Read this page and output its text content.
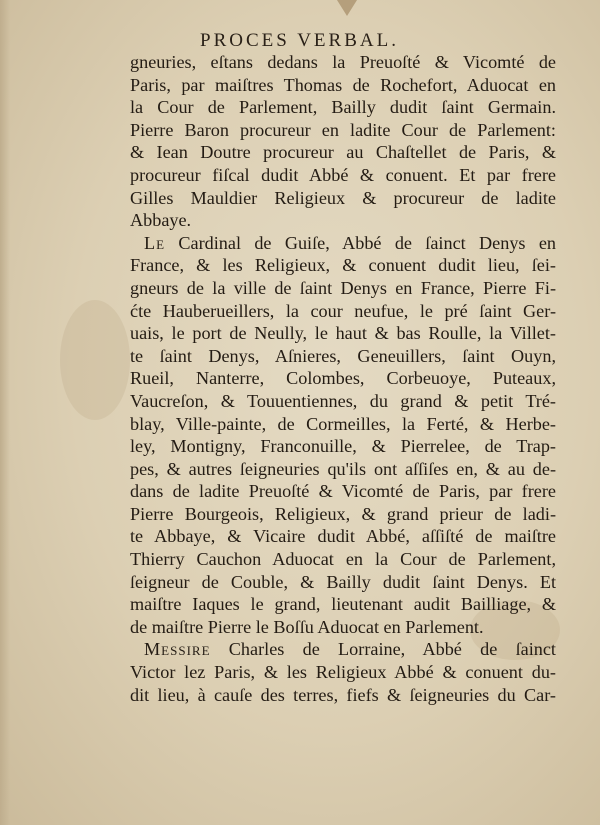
PROCES VERBAL.
gneuries, eſtans dedans la Preuoſté & Vicomté de
Paris, par maiſtres Thomas de Rochefort, Aduocat en
la Cour de Parlement, Bailly dudit ſaint Germain.
Pierre Baron procureur en ladite Cour de Parlement:
& Iean Doutre procureur au Chaſtellet de Paris, &
procureur fiſcal dudit Abbé & conuent. Et par frere
Gilles Mauldier Religieux & procureur de ladite
Abbaye.
Le Cardinal de Guiſe, Abbé de ſainct Denys en
France, & les Religieux, & conuent dudit lieu, ſei-
gneurs de la ville de ſaint Denys en France, Pierre Fi-
ćte Hauberueillers, la cour neufue, le pré ſaint Ger-
uais, le port de Neully, le haut & bas Roulle, la Villet-
te ſaint Denys, Aſnieres, Geneuillers, ſaint Ouyn,
Rueil, Nanterre, Colombes, Corbeuoye, Puteaux,
Vaucreſon, & Touuentiennes, du grand & petit Tré-
blay, Ville-painte, de Cormeilles, la Ferté, & Herbe-
ley, Montigny, Franconuille, & Pierrelee, de Trap-
pes, & autres ſeigneuries qu'ils ont aſſiſes en, & au de-
dans de ladite Preuoſté & Vicomté de Paris, par frere
Pierre Bourgeois, Religieux, & grand prieur de ladi-
te Abbaye, & Vicaire dudit Abbé, aſſiſté de maiſtre
Thierry Cauchon Aduocat en la Cour de Parlement,
ſeigneur de Couble, & Bailly dudit ſaint Denys. Et
maiſtre Iaques le grand, lieutenant audit Bailliage, &
de maiſtre Pierre le Boſſu Aduocat en Parlement.
Messire Charles de Lorraine, Abbé de ſainct
Victor lez Paris, & les Religieux Abbé & conuent du-
dit lieu, à cauſe des terres, fiefs & ſeigneuries du Car-
